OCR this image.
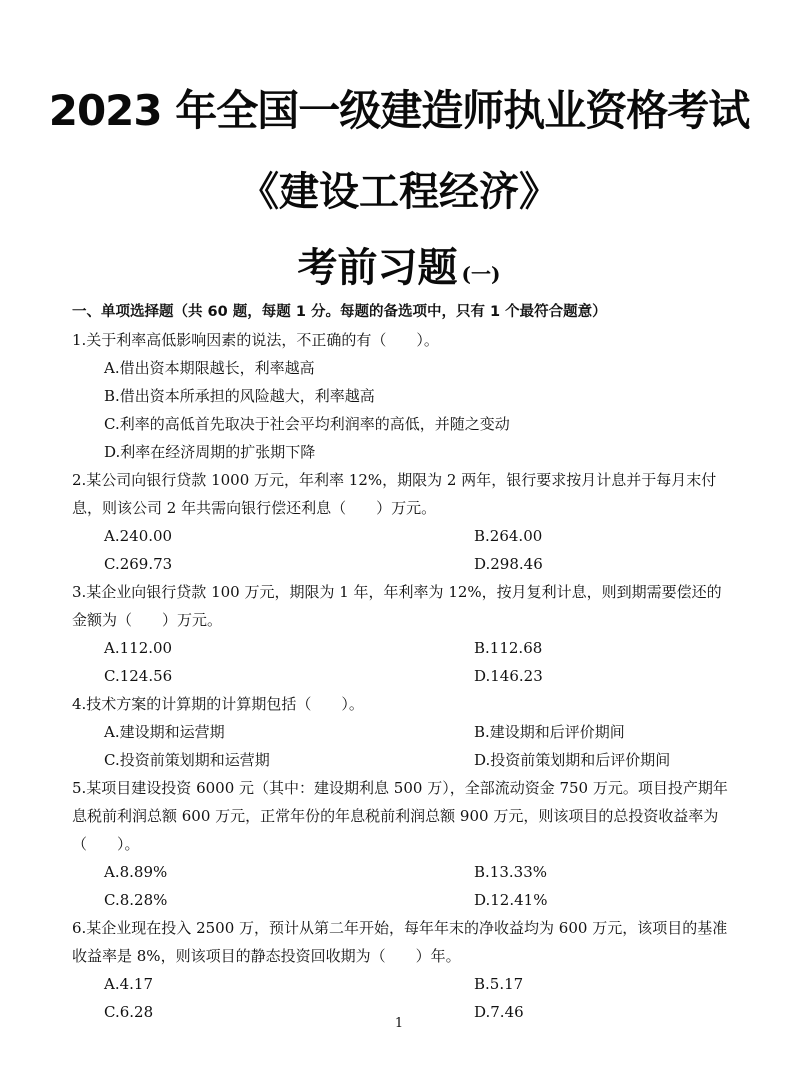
2023 年全国一级建造师执业资格考试
《建设工程经济》
考前习题 (一)
一、单项选择题（共 60 题，每题 1 分。每题的备选项中，只有 1 个最符合题意）
1.关于利率高低影响因素的说法，不正确的有（　　）。
A.借出资本期限越长，利率越高
B.借出资本所承担的风险越大，利率越高
C.利率的高低首先取决于社会平均利润率的高低，并随之变动
D.利率在经济周期的扩张期下降
2.某公司向银行贷款 1000 万元，年利率 12%，期限为 2 两年，银行要求按月计息并于每月末付息，则该公司 2 年共需向银行偿还利息（　　）万元。
A.240.00	B.264.00
C.269.73	D.298.46
3.某企业向银行贷款 100 万元，期限为 1 年，年利率为 12%，按月复利计息，则到期需要偿还的金额为（　　）万元。
A.112.00	B.112.68
C.124.56	D.146.23
4.技术方案的计算期的计算期包括（　　）。
A.建设期和运营期	B.建设期和后评价期间
C.投资前策划期和运营期	D.投资前策划期和后评价期间
5.某项目建设投资 6000 元（其中：建设期利息 500 万），全部流动资金 750 万元。项目投产期年息税前利润总额 600 万元，正常年份的年息税前利润总额 900 万元，则该项目的总投资收益率为（　　）。
A.8.89%	B.13.33%
C.8.28%	D.12.41%
6.某企业现在投入 2500 万，预计从第二年开始，每年年末的净收益均为 600 万元，该项目的基准收益率是 8%，则该项目的静态投资回收期为（　　）年。
A.4.17	B.5.17
C.6.28	D.7.46
1
